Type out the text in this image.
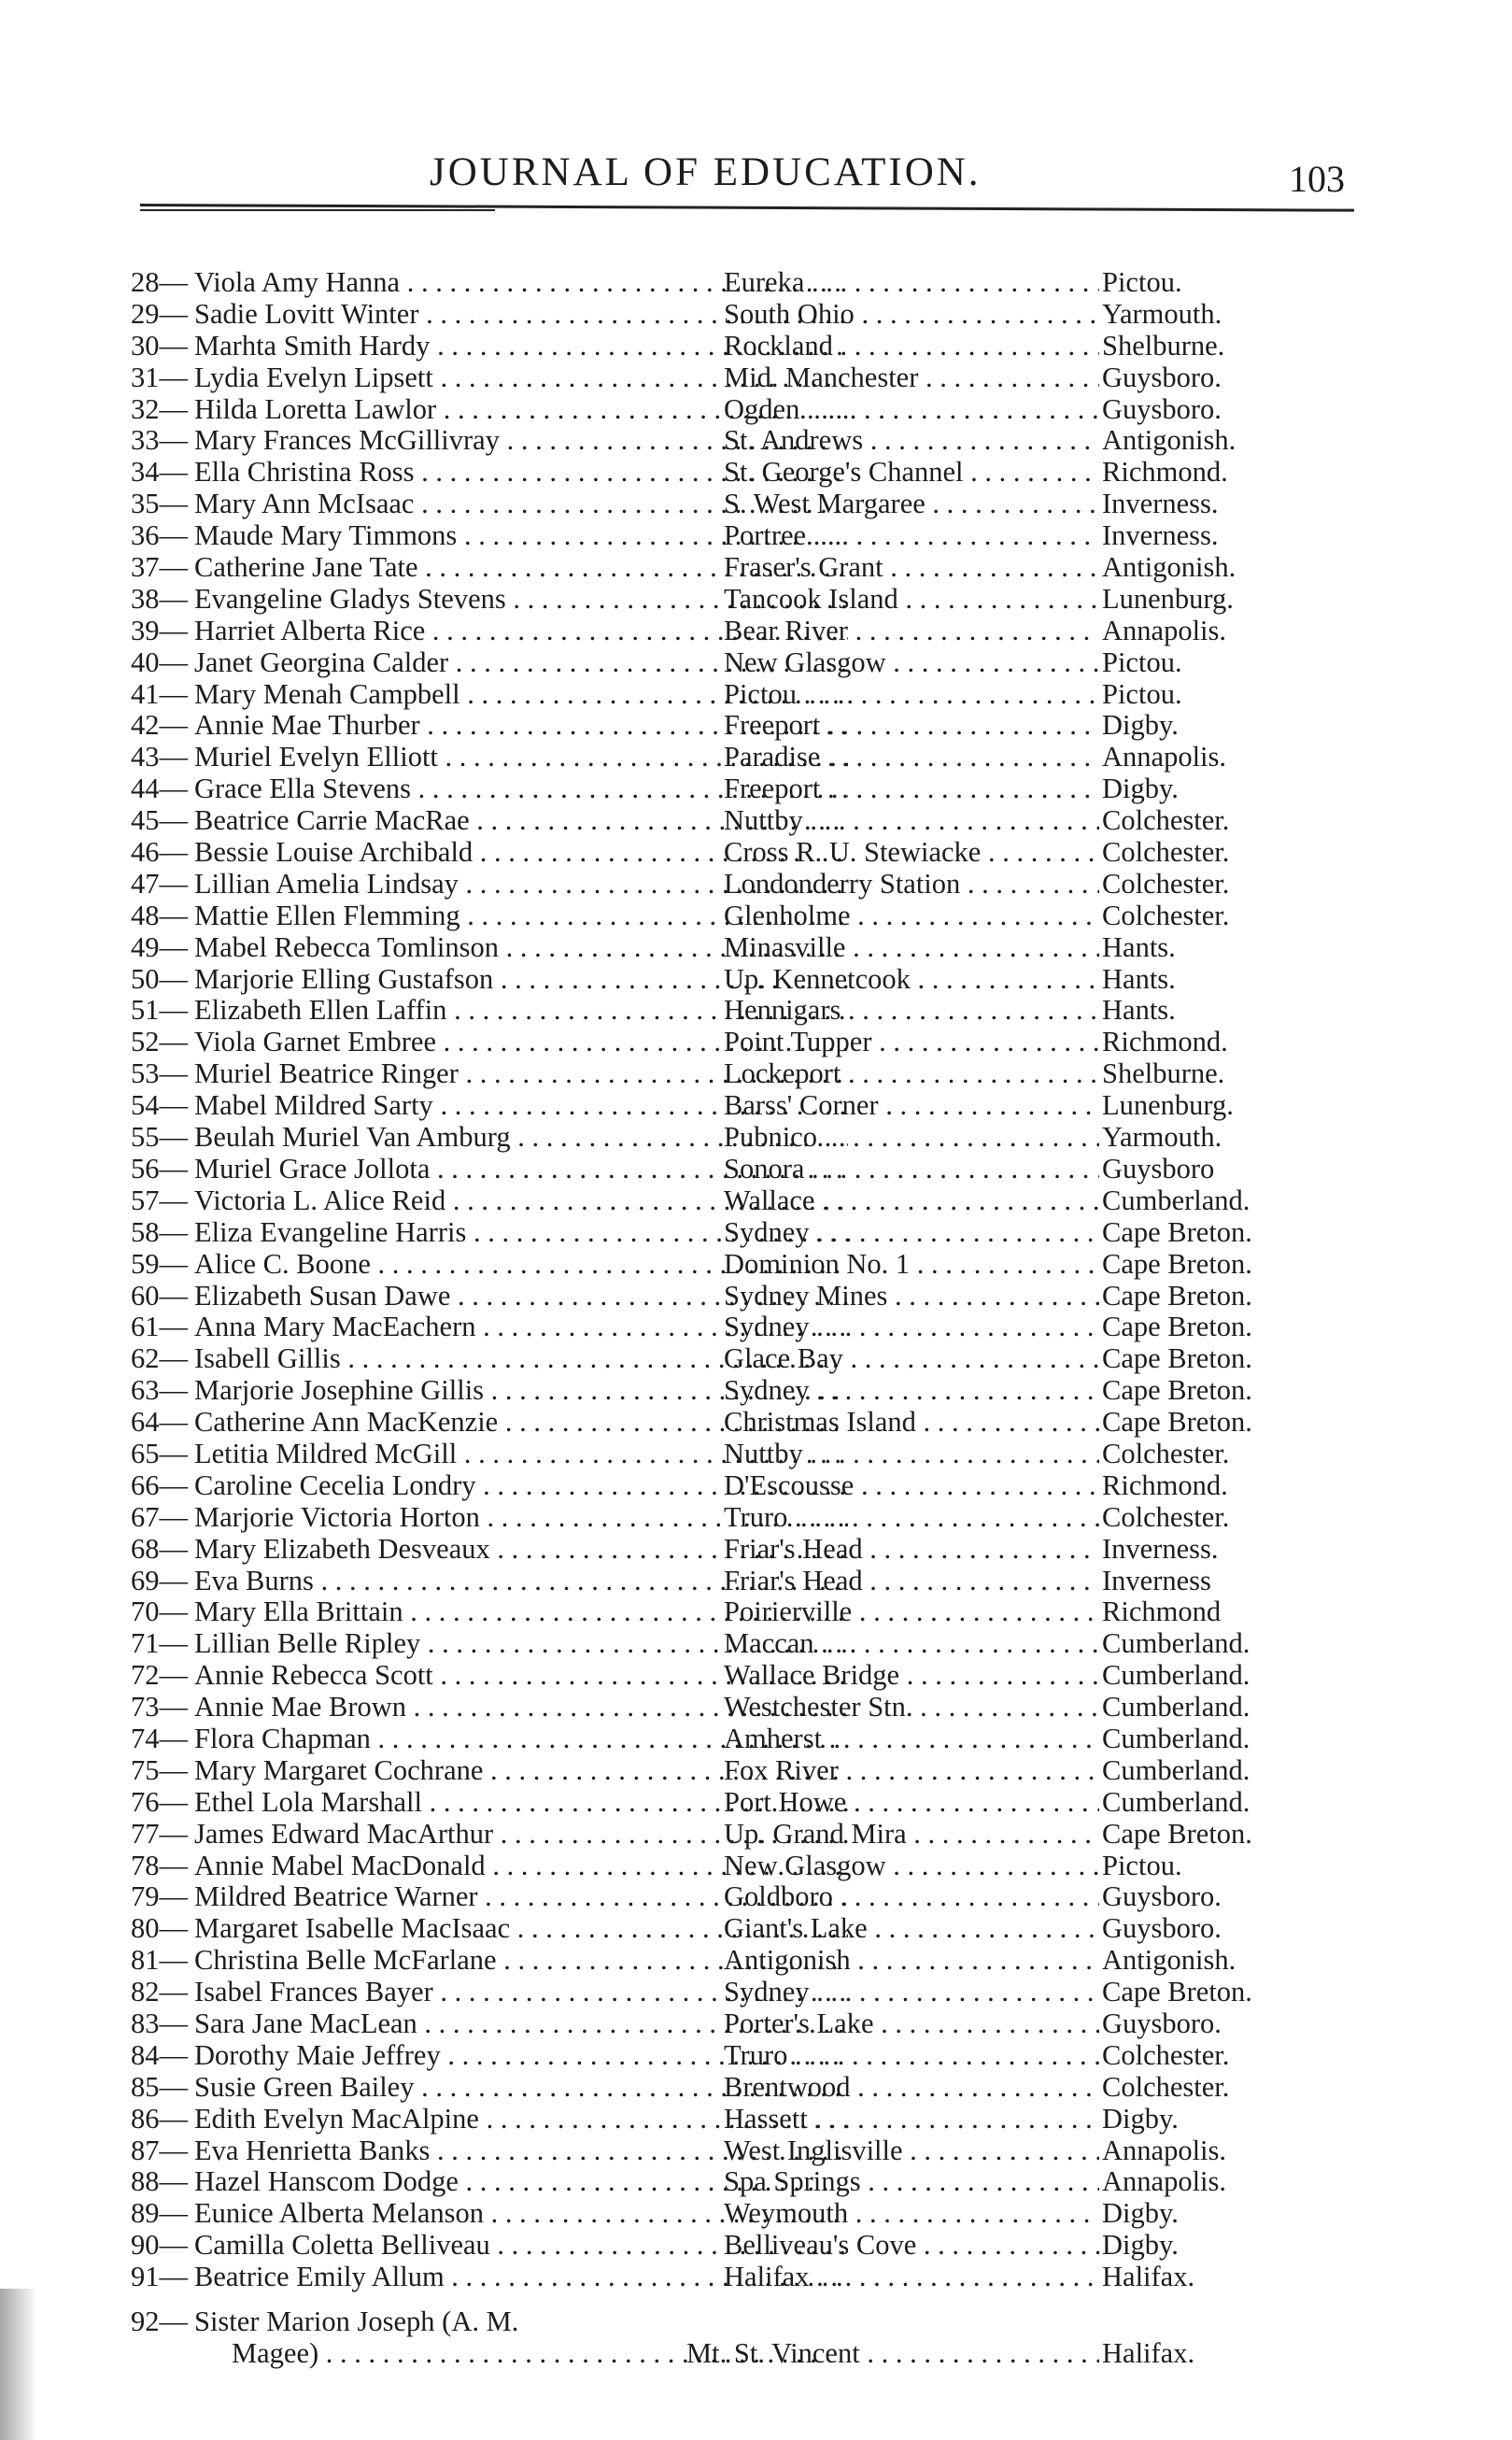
JOURNAL OF EDUCATION.	103
28— Viola Amy Hanna . . .	Eureka . . .	Pictou.
29— Sadie Lovitt Winter . . .	South Ohio . . .	Yarmouth.
30— Marhta Smith Hardy . . .	Rockland . . .	Shelburne.
31— Lydia Evelyn Lipsett . . .	Mid. Manchester . . .	Guysboro.
32— Hilda Loretta Lawlor . . .	Ogden . . .	Guysboro.
33— Mary Frances McGillivray . . .	St. Andrews . . .	Antigonish.
34— Ella Christina Ross . . .	St. George's Channel . . .	Richmond.
35— Mary Ann McIsaac . . .	S. West Margaree . . .	Inverness.
36— Maude Mary Timmons . . .	Portree . . .	Inverness.
37— Catherine Jane Tate . . .	Fraser's Grant . . .	Antigonish.
38— Evangeline Gladys Stevens . . .	Tancook Island . . .	Lunenburg.
39— Harriet Alberta Rice . . .	Bear River . . .	Annapolis.
40— Janet Georgina Calder . . .	New Glasgow . . .	Pictou.
41— Mary Menah Campbell . . .	Pictou . . .	Pictou.
42— Annie Mae Thurber . . .	Freeport . . .	Digby.
43— Muriel Evelyn Elliott . . .	Paradise . . .	Annapolis.
44— Grace Ella Stevens . . .	Freeport . . .	Digby.
45— Beatrice Carrie MacRae . . .	Nuttby . . .	Colchester.
46— Bessie Louise Archibald . . .	Cross R. U. Stewiacke . . .	Colchester.
47— Lillian Amelia Lindsay . . .	Londonderry Station . . .	Colchester.
48— Mattie Ellen Flemming . . .	Glenholme . . .	Colchester.
49— Mabel Rebecca Tomlinson . . .	Minasville . . .	Hants.
50— Marjorie Elling Gustafson . . .	Up. Kennetcook . . .	Hants.
51— Elizabeth Ellen Laffin . . .	Hennigars . . .	Hants.
52— Viola Garnet Embree . . .	Point Tupper . . .	Richmond.
53— Muriel Beatrice Ringer . . .	Lockeport . . .	Shelburne.
54— Mabel Mildred Sarty . . .	Barss' Corner . . .	Lunenburg.
55— Beulah Muriel Van Amburg . . .	Pubnico . . .	Yarmouth.
56— Muriel Grace Jollota . . .	Sonora . . .	Guysboro
57— Victoria L. Alice Reid . . .	Wallace . . .	Cumberland.
58— Eliza Evangeline Harris . . .	Sydney . . .	Cape Breton.
59— Alice C. Boone . . .	Dominion No. 1 . . .	Cape Breton.
60— Elizabeth Susan Dawe . . .	Sydney Mines . . .	Cape Breton.
61— Anna Mary MacEachern . . .	Sydney . . .	Cape Breton.
62— Isabell Gillis . . .	Glace Bay . . .	Cape Breton.
63— Marjorie Josephine Gillis . . .	Sydney . . .	Cape Breton.
64— Catherine Ann MacKenzie . . .	Christmas Island . . .	Cape Breton.
65— Letitia Mildred McGill . . .	Nuttby . . .	Colchester.
66— Caroline Cecelia Londry . . .	D'Escousse . . .	Richmond.
67— Marjorie Victoria Horton . . .	Truro . . .	Colchester.
68— Mary Elizabeth Desveaux . . .	Friar's Head . . .	Inverness.
69— Eva Burns . . .	Friar's Head . . .	Inverness
70— Mary Ella Brittain . . .	Poirierville . . .	Richmond
71— Lillian Belle Ripley . . .	Maccan . . .	Cumberland.
72— Annie Rebecca Scott . . .	Wallace Bridge . . .	Cumberland.
73— Annie Mae Brown . . .	Westchester Stn. . . .	Cumberland.
74— Flora Chapman . . .	Amherst . . .	Cumberland.
75— Mary Margaret Cochrane . . .	Fox River . . .	Cumberland.
76— Ethel Lola Marshall . . .	Port Howe . . .	Cumberland.
77— James Edward MacArthur . . .	Up. Grand Mira . . .	Cape Breton.
78— Annie Mabel MacDonald . . .	New Glasgow . . .	Pictou.
79— Mildred Beatrice Warner . . .	Goldboro . . .	Guysboro.
80— Margaret Isabelle MacIsaac . . .	Giant's Lake . . .	Guysboro.
81— Christina Belle McFarlane . . .	Antigonish . . .	Antigonish.
82— Isabel Frances Bayer . . .	Sydney . . .	Cape Breton.
83— Sara Jane MacLean . . .	Porter's Lake . . .	Guysboro.
84— Dorothy Maie Jeffrey . . .	Truro . . .	Colchester.
85— Susie Green Bailey . . .	Brentwood . . .	Colchester.
86— Edith Evelyn MacAlpine . . .	Hassett . . .	Digby.
87— Eva Henrietta Banks . . .	West Inglisville . . .	Annapolis.
88— Hazel Hanscom Dodge . . .	Spa Springs . . .	Annapolis.
89— Eunice Alberta Melanson . . .	Weymouth . . .	Digby.
90— Camilla Coletta Belliveau . . .	Belliveau's Cove . . .	Digby.
91— Beatrice Emily Allum . . .	Halifax . . .	Halifax.
92— Sister Marion Joseph (A. M.
Magee) . . .	Mt. St. Vincent . . .	Halifax.
